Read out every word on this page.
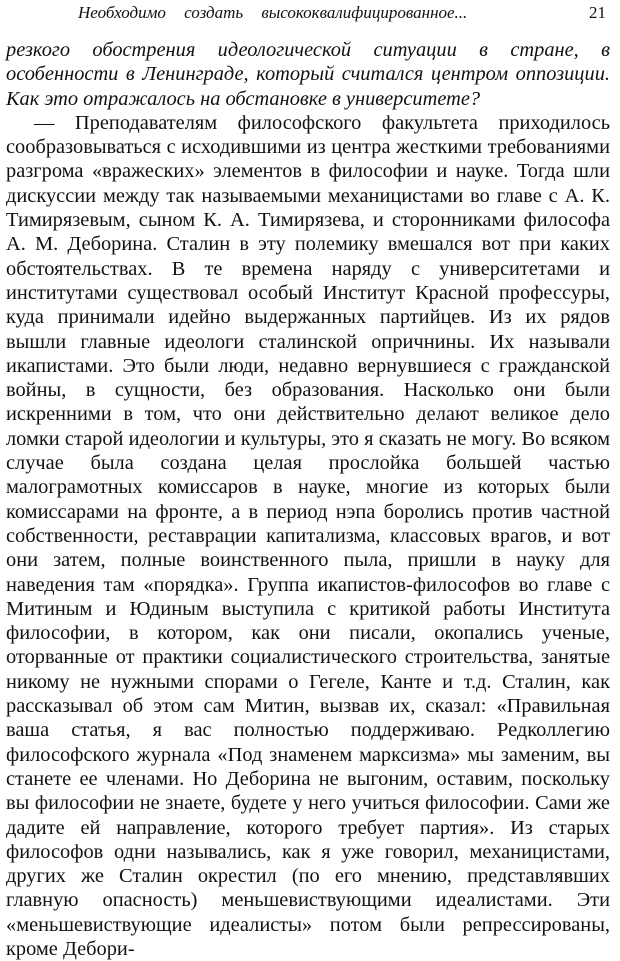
Необходимо создать высококвалифицированное...	21

резкого обострения идеологической ситуации в стране, в особенности в Ленинграде, который считался центром оппозиции. Как это отражалось на обстановке в университете?

— Преподавателям философского факультета приходилось сообразовываться с исходившими из центра жесткими требованиями разгрома «вражеских» элементов в философии и науке. Тогда шли дискуссии между так называемыми механицистами во главе с А. К. Тимирязевым, сыном К. А. Тимирязева, и сторонниками философа А. М. Деборина. Сталин в эту полемику вмешался вот при каких обстоятельствах. В те времена наряду с университетами и институтами существовал особый Институт Красной профессуры, куда принимали идейно выдержанных партийцев. Из их рядов вышли главные идеологи сталинской опричнины. Их называли икапистами. Это были люди, недавно вернувшиеся с гражданской войны, в сущности, без образования. Насколько они были искренними в том, что они действительно делают великое дело ломки старой идеологии и культуры, это я сказать не могу. Во всяком случае была создана целая прослойка большей частью малограмотных комиссаров в науке, многие из которых были комиссарами на фронте, а в период нэпа боролись против частной собственности, реставрации капитализма, классовых врагов, и вот они затем, полные воинственного пыла, пришли в науку для наведения там «порядка». Группа икапистов-философов во главе с Митиным и Юдиным выступила с критикой работы Института философии, в котором, как они писали, окопались ученые, оторванные от практики социалистического строительства, занятые никому не нужными спорами о Гегеле, Канте и т.д. Сталин, как рассказывал об этом сам Митин, вызвав их, сказал: «Правильная ваша статья, я вас полностью поддерживаю. Редколлегию философского журнала «Под знаменем марксизма» мы заменим, вы станете ее членами. Но Деборина не выгоним, оставим, поскольку вы философии не знаете, будете у него учиться философии. Сами же дадите ей направление, которого требует партия». Из старых философов одни назывались, как я уже говорил, механицистами, других же Сталин окрестил (по его мнению, представлявших главную опасность) меньшевиствующими идеалистами. Эти «меньшевиствующие идеалисты» потом были репрессированы, кроме Дебори-
